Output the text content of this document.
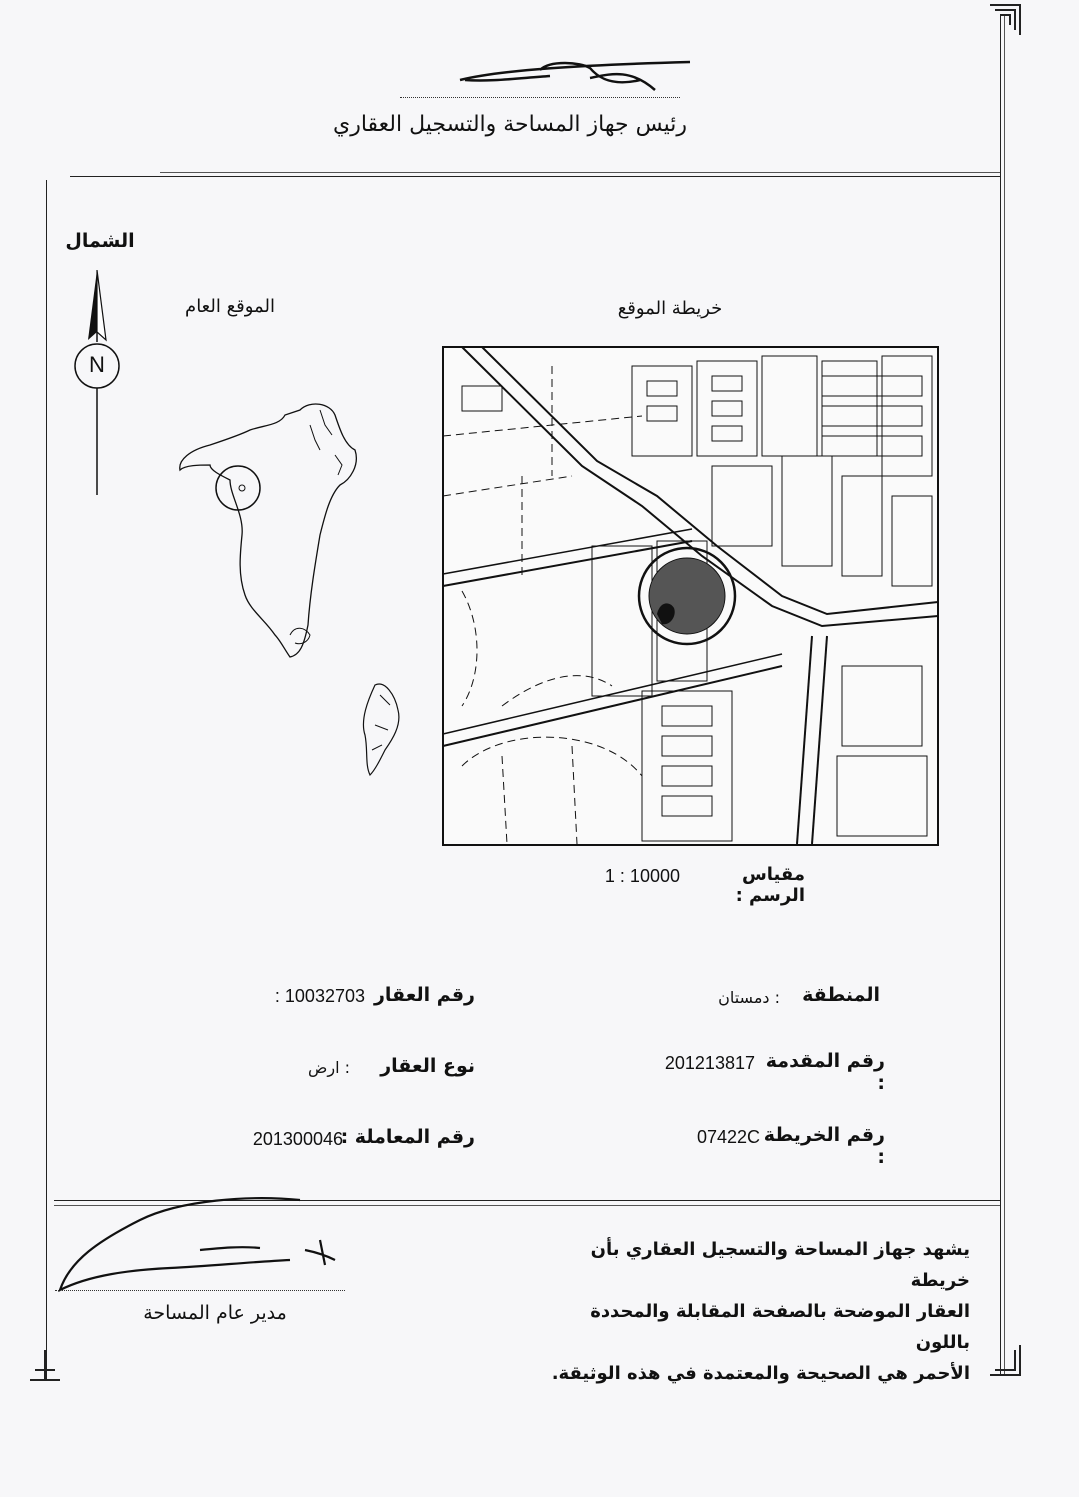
رئيس جهاز المساحة والتسجيل العقاري
الشمال
N
الموقع العام	خريطة الموقع
مقياس الرسم :
1 : 10000
المنطقة
: دمستان
رقم العقار
10032703 :
رقم المقدمة :
201213817
نوع العقار
: ارض
رقم الخريطة :
07422C
رقم المعاملة :
201300046
يشهد جهاز المساحة والتسجيل العقاري بأن خريطة
العقار الموضحة بالصفحة المقابلة والمحددة باللون
الأحمر هي الصحيحة والمعتمدة في هذه الوثيقة.
مدير عام المساحة
